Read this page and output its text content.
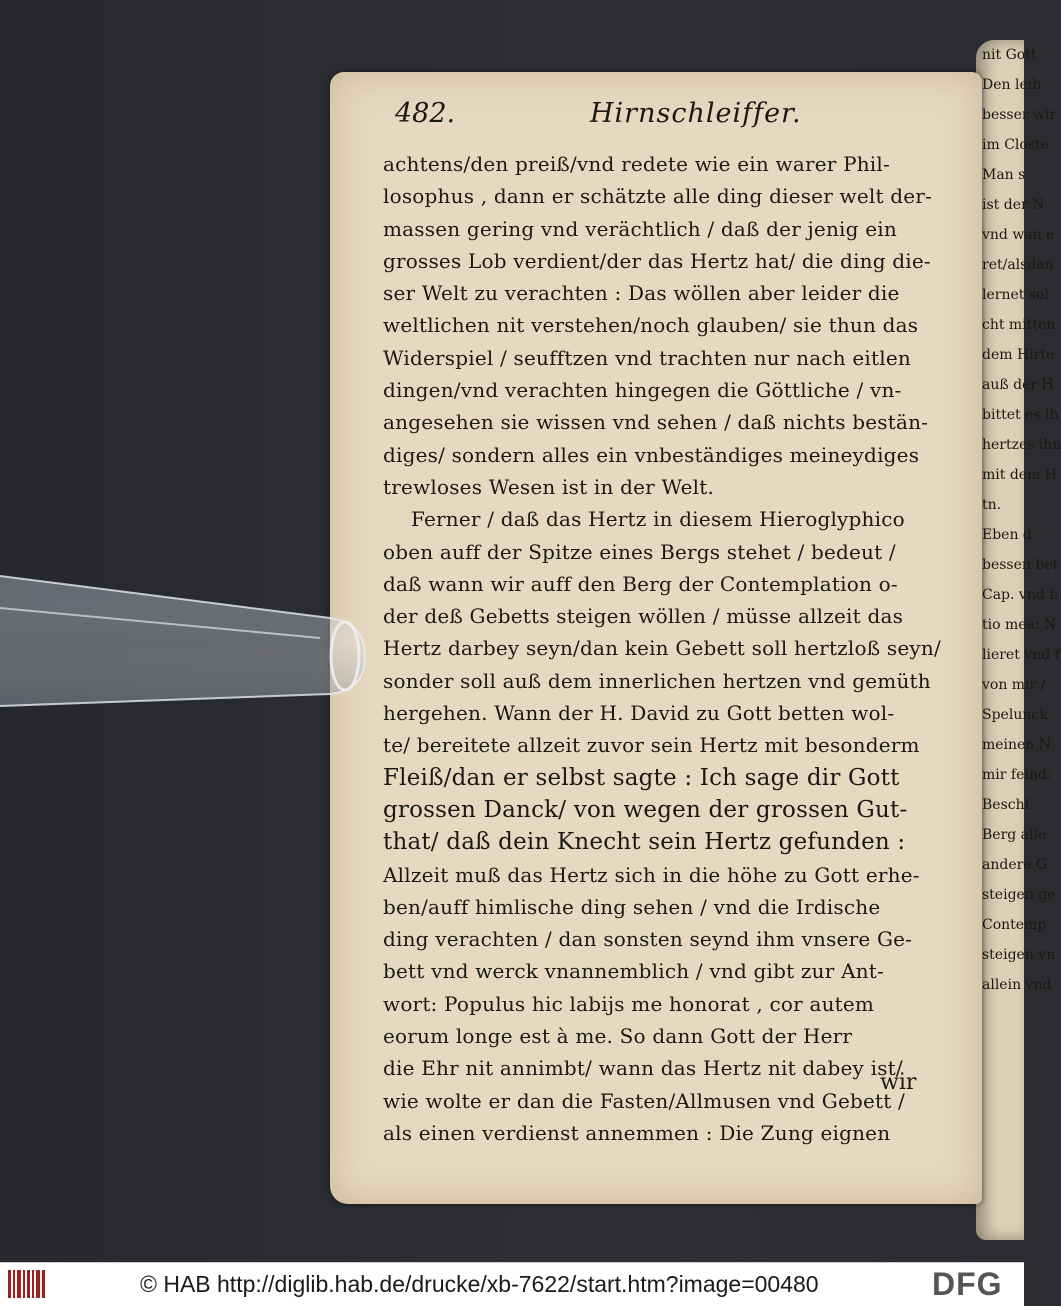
nit Gott
Den leib
besser wir
im Closte
Man s
ist der N
vnd wan e
ret/alsdan
lernet sol
cht mitten
dem Hirte
auß der H
bittet es ih
hertzes ihn
mit dem H
tn.
Eben d
bessen bet
Cap. vnd h
tio mea: N
lieret vnd f
von mir /
Spelunck
meinen N
mir feind:
Beschl
Berg alle
andere G
steigen ge
Contemp
steigen vn
allein vnd
482.	Hirnschleiffer.
achtens/den preiß/vnd redete wie ein warer Phil-
losophus , dann er schätzte alle ding dieser welt der-
massen gering vnd verächtlich / daß der jenig ein
grosses Lob verdient/der das Hertz hat/ die ding die-
ser Welt zu verachten : Das wöllen aber leider die
weltlichen nit verstehen/noch glauben/ sie thun das
Widerspiel / seufftzen vnd trachten nur nach eitlen
dingen/vnd verachten hingegen die Göttliche / vn-
angesehen sie wissen vnd sehen / daß nichts bestän-
diges/ sondern alles ein vnbeständiges meineydiges
trewloses Wesen ist in der Welt.
Ferner / daß das Hertz in diesem Hieroglyphico
oben auff der Spitze eines Bergs stehet / bedeut /
daß wann wir auff den Berg der Contemplation o-
der deß Gebetts steigen wöllen / müsse allzeit das
Hertz darbey seyn/dan kein Gebett soll hertzloß seyn/
sonder soll auß dem innerlichen hertzen vnd gemüth
hergehen. Wann der H. David zu Gott betten wol-
te/ bereitete allzeit zuvor sein Hertz mit besonderm
Fleiß/dan er selbst sagte : Ich sage dir Gott
grossen Danck/ von wegen der grossen Gut-
that/ daß dein Knecht sein Hertz gefunden :
Allzeit muß das Hertz sich in die höhe zu Gott erhe-
ben/auff himlische ding sehen / vnd die Irdische
ding verachten / dan sonsten seynd ihm vnsere Ge-
bett vnd werck vnannemblich / vnd gibt zur Ant-
wort: Populus hic labijs me honorat , cor autem
eorum longe est à me. So dann Gott der Herr
die Ehr nit annimbt/ wann das Hertz nit dabey ist/
wie wolte er dan die Fasten/Allmusen vnd Gebett /
als einen verdienst annemmen : Die Zung eignen
wir
© HAB http://diglib.hab.de/drucke/xb-7622/start.htm?image=00480	DFG
